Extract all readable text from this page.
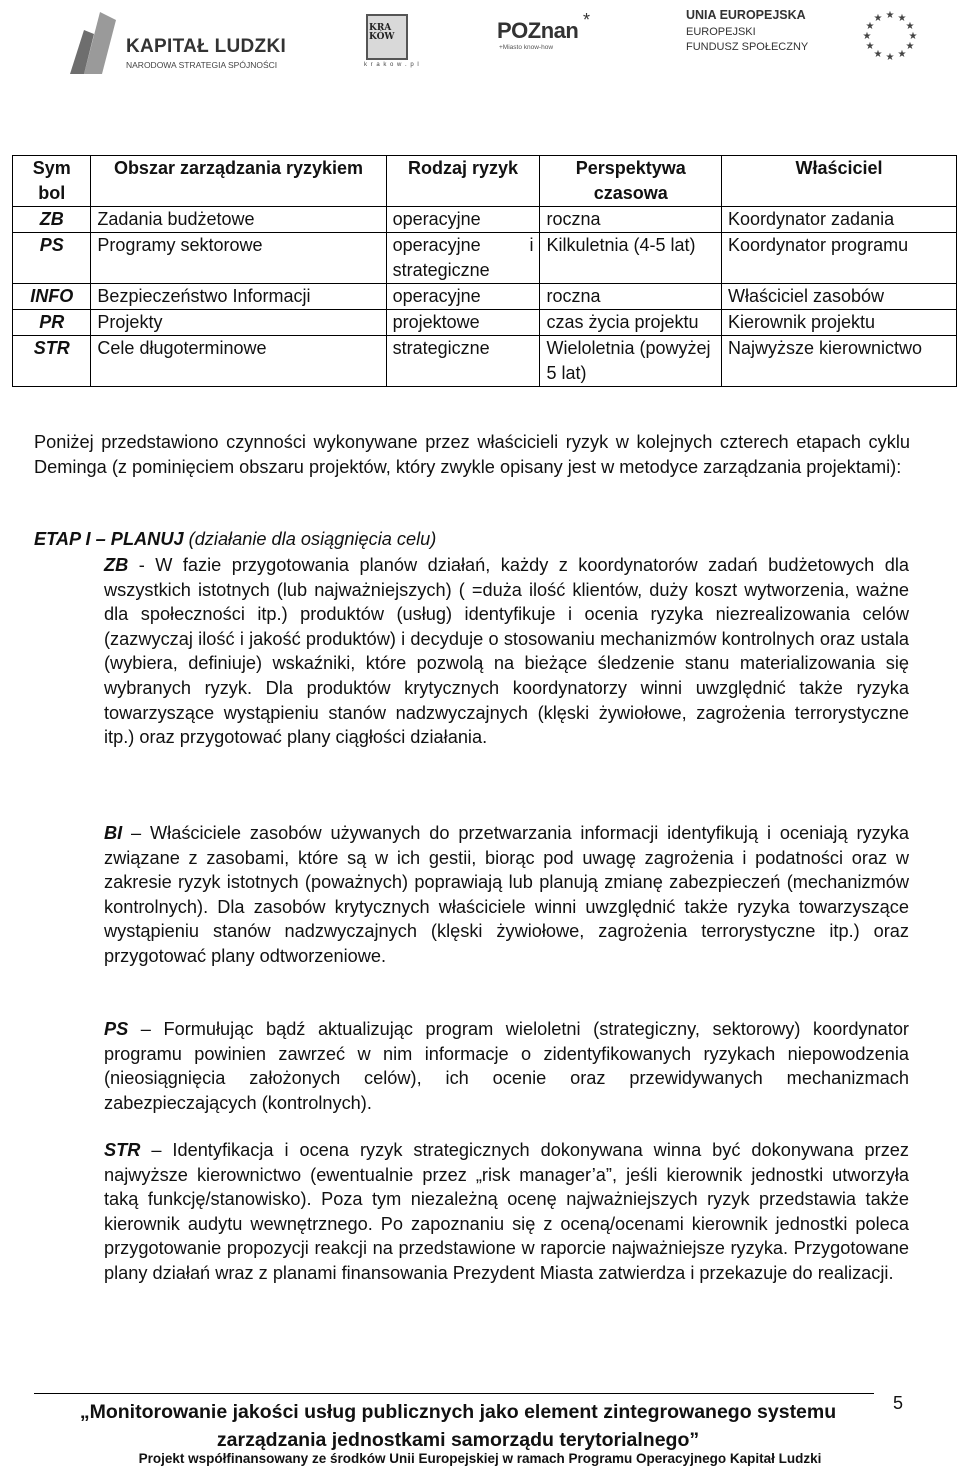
KAPITAŁ LUDZKI
NARODOWA STRATEGIA SPÓJNOŚCI
KRA
KÓW
k r a k o w . p l
POZnan *
+Miasto know-how
UNIA EUROPEJSKA
EUROPEJSKI
FUNDUSZ SPOŁECZNY
★ ★
★
★
★
★
★
★
★
★
★
★
Sym bol	Obszar zarządzania ryzykiem	Rodzaj ryzyk	Perspektywa czasowa	Właściciel
ZB	Zadania budżetowe	operacyjne	roczna	Koordynator zadania
PS	Programy sektorowe	operacyjne i strategiczne	Kilkuletnia (4-5 lat)	Koordynator programu
INFO	Bezpieczeństwo Informacji	operacyjne	roczna	Właściciel zasobów
PR	Projekty	projektowe	czas życia projektu	Kierownik projektu
STR	Cele długoterminowe	strategiczne	Wieloletnia (powyżej 5 lat)	Najwyższe kierownictwo

Poniżej przedstawiono czynności wykonywane przez właścicieli ryzyk w kolejnych czterech etapach cyklu Deminga (z pominięciem obszaru projektów, który zwykle opisany jest w metodyce zarządzania projektami):

ETAP I – PLANUJ (działanie dla osiągnięcia celu)

ZB - W fazie przygotowania planów działań, każdy z koordynatorów zadań budżetowych dla wszystkich istotnych (lub najważniejszych) ( =duża ilość klientów, duży koszt wytworzenia, ważne dla społeczności itp.) produktów (usług) identyfikuje i ocenia ryzyka niezrealizowania celów (zazwyczaj ilość i jakość produktów) i decyduje o stosowaniu mechanizmów kontrolnych oraz ustala (wybiera, definiuje) wskaźniki, które pozwolą na bieżące śledzenie stanu materializowania się wybranych ryzyk. Dla produktów krytycznych koordynatorzy winni uwzględnić także ryzyka towarzyszące wystąpieniu stanów nadzwyczajnych (klęski żywiołowe, zagrożenia terrorystyczne itp.) oraz przygotować plany ciągłości działania.

BI – Właściciele zasobów używanych do przetwarzania informacji identyfikują i oceniają ryzyka związane z zasobami, które są w ich gestii, biorąc pod uwagę zagrożenia i podatności oraz w zakresie ryzyk istotnych (poważnych) poprawiają lub planują zmianę zabezpieczeń (mechanizmów kontrolnych). Dla zasobów krytycznych właściciele winni uwzględnić także ryzyka towarzyszące wystąpieniu stanów nadzwyczajnych (klęski żywiołowe, zagrożenia terrorystyczne itp.) oraz przygotować plany odtworzeniowe.

PS – Formułując bądź aktualizując program wieloletni (strategiczny, sektorowy) koordynator programu powinien zawrzeć w nim informacje o zidentyfikowanych ryzykach niepowodzenia (nieosiągnięcia założonych celów), ich ocenie oraz przewidywanych mechanizmach zabezpieczających (kontrolnych).

STR – Identyfikacja i ocena ryzyk strategicznych dokonywana winna być dokonywana przez najwyższe kierownictwo (ewentualnie przez „risk manager’a”, jeśli kierownik jednostki utworzyła taką funkcję/stanowisko). Poza tym niezależną ocenę najważniejszych ryzyk przedstawia także kierownik audytu wewnętrznego. Po zapoznaniu się z oceną/ocenami kierownik jednostki poleca przygotowanie propozycji reakcji na przedstawione w raporcie najważniejsze ryzyka. Przygotowane plany działań wraz z planami finansowania Prezydent Miasta zatwierdza i przekazuje do realizacji.

5
„Monitorowanie jakości usług publicznych jako element zintegrowanego systemu zarządzania jednostkami samorządu terytorialnego”
Projekt współfinansowany ze środków Unii Europejskiej w ramach Programu Operacyjnego Kapitał Ludzki
